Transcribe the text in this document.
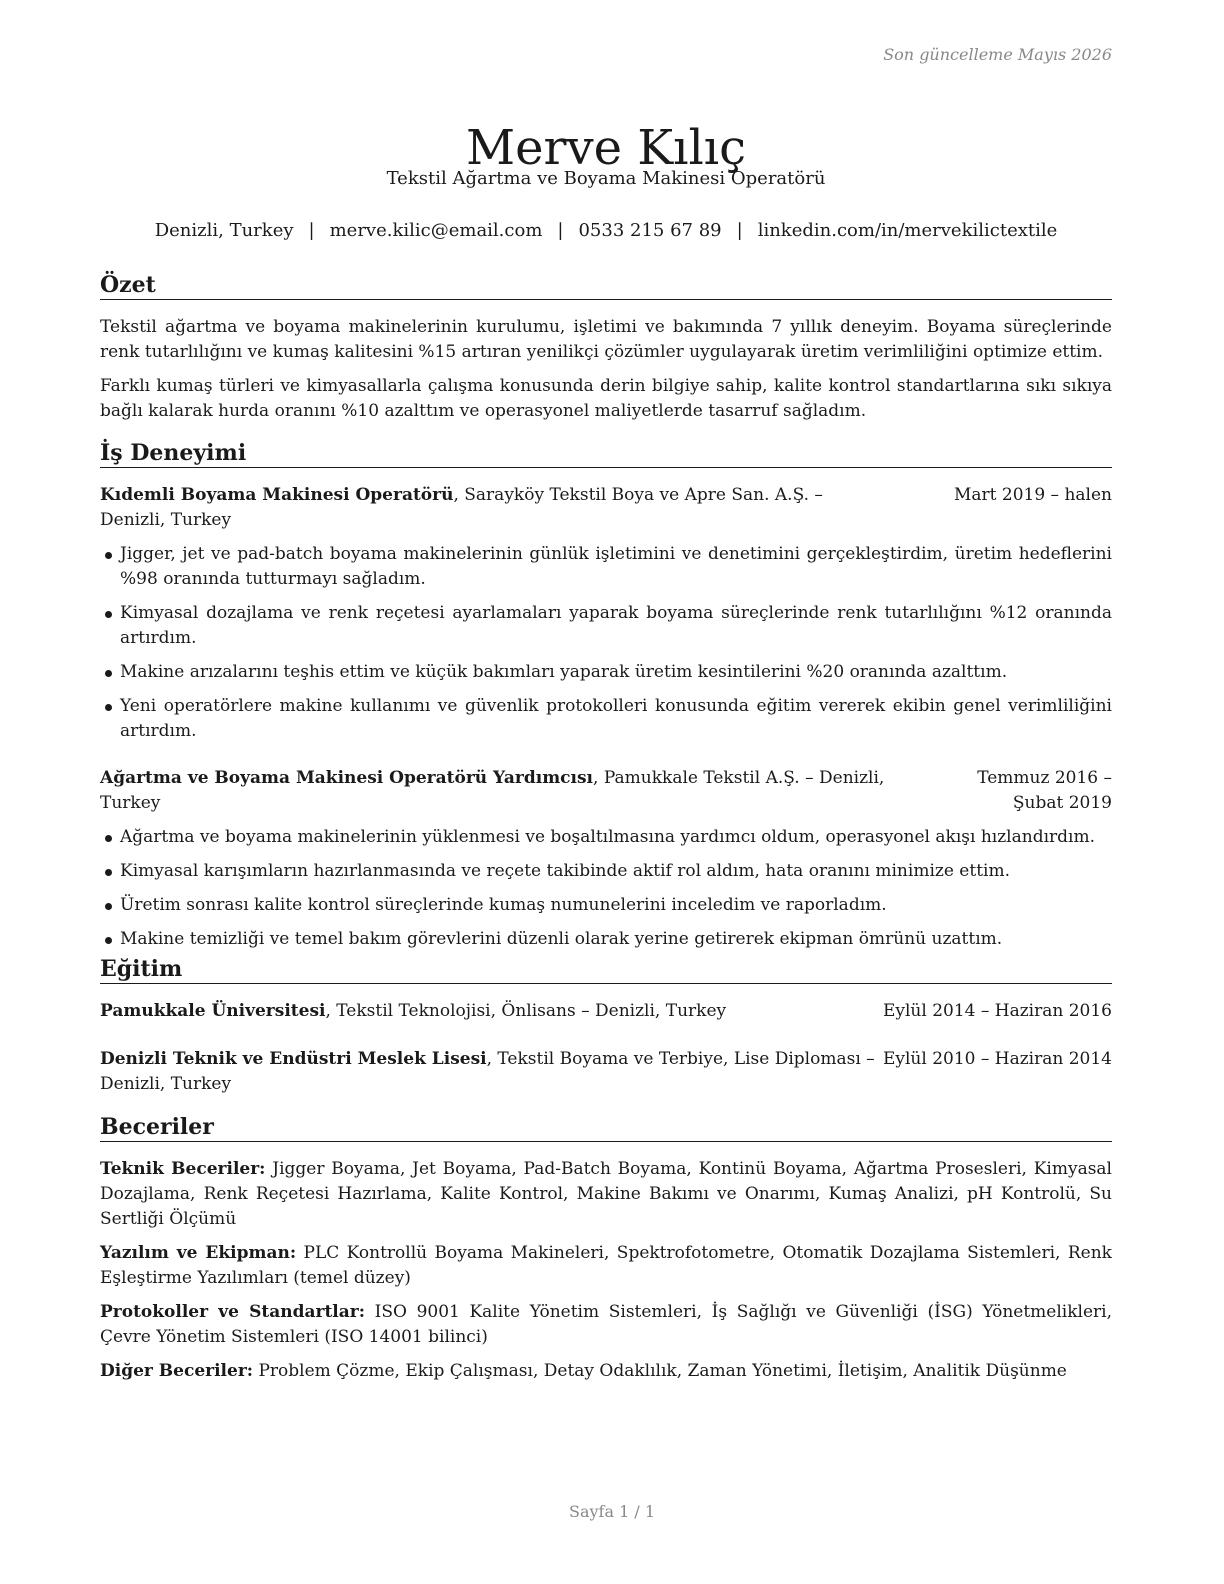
Son güncelleme Mayıs 2026
Merve Kılıç
Tekstil Ağartma ve Boyama Makinesi Operatörü
Denizli, Turkey | merve.kilic@email.com | 0533 215 67 89 | linkedin.com/in/mervekilictextile
Özet

Tekstil ağartma ve boyama makinelerinin kurulumu, işletimi ve bakımında 7 yıllık deneyim. Boyama süreçlerinde renk tutarlılığını ve kumaş kalitesini %15 artıran yenilikçi çözümler uygulayarak üretim verimliliğini optimize ettim.

Farklı kumaş türleri ve kimyasallarla çalışma konusunda derin bilgiye sahip, kalite kontrol standartlarına sıkı sıkıya bağlı kalarak hurda oranını %10 azalttım ve operasyonel maliyetlerde tasarruf sağladım.

İş Deneyimi
Kıdemli Boyama Makinesi Operatörü, Sarayköy Tekstil Boya ve Apre San. A.Ş. – Denizli, Turkey
Mart 2019 – halen
Jigger, jet ve pad-batch boyama makinelerinin günlük işletimini ve denetimini gerçekleştirdim, üretim hedeflerini %98 oranında tutturmayı sağladım.
Kimyasal dozajlama ve renk reçetesi ayarlamaları yaparak boyama süreçlerinde renk tutarlılığını %12 oranında artırdım.
Makine arızalarını teşhis ettim ve küçük bakımları yaparak üretim kesintilerini %20 oranında azalttım.
Yeni operatörlere makine kullanımı ve güvenlik protokolleri konusunda eğitim vererek ekibin genel verimliliğini artırdım.
Ağartma ve Boyama Makinesi Operatörü Yardımcısı, Pamukkale Tekstil A.Ş. – Denizli, Turkey
Temmuz 2016 – Şubat 2019
Ağartma ve boyama makinelerinin yüklenmesi ve boşaltılmasına yardımcı oldum, operasyonel akışı hızlandırdım.
Kimyasal karışımların hazırlanmasında ve reçete takibinde aktif rol aldım, hata oranını minimize ettim.
Üretim sonrası kalite kontrol süreçlerinde kumaş numunelerini inceledim ve raporladım.
Makine temizliği ve temel bakım görevlerini düzenli olarak yerine getirerek ekipman ömrünü uzattım.
Eğitim
Pamukkale Üniversitesi, Tekstil Teknolojisi, Önlisans – Denizli, Turkey	Eylül 2014 – Haziran 2016
Denizli Teknik ve Endüstri Meslek Lisesi, Tekstil Boyama ve Terbiye, Lise Diploması – Denizli, Turkey
Eylül 2010 – Haziran 2014
Beceriler

Teknik Beceriler: Jigger Boyama, Jet Boyama, Pad-Batch Boyama, Kontinü Boyama, Ağartma Prosesleri, Kimyasal Dozajlama, Renk Reçetesi Hazırlama, Kalite Kontrol, Makine Bakımı ve Onarımı, Kumaş Analizi, pH Kontrolü, Su Sertliği Ölçümü

Yazılım ve Ekipman: PLC Kontrollü Boyama Makineleri, Spektrofotometre, Otomatik Dozajlama Sistemleri, Renk Eşleştirme Yazılımları (temel düzey)

Protokoller ve Standartlar: ISO 9001 Kalite Yönetim Sistemleri, İş Sağlığı ve Güvenliği (İSG) Yönetmelikleri, Çevre Yönetim Sistemleri (ISO 14001 bilinci)

Diğer Beceriler: Problem Çözme, Ekip Çalışması, Detay Odaklılık, Zaman Yönetimi, İletişim, Analitik Düşünme

Sayfa 1 / 1
